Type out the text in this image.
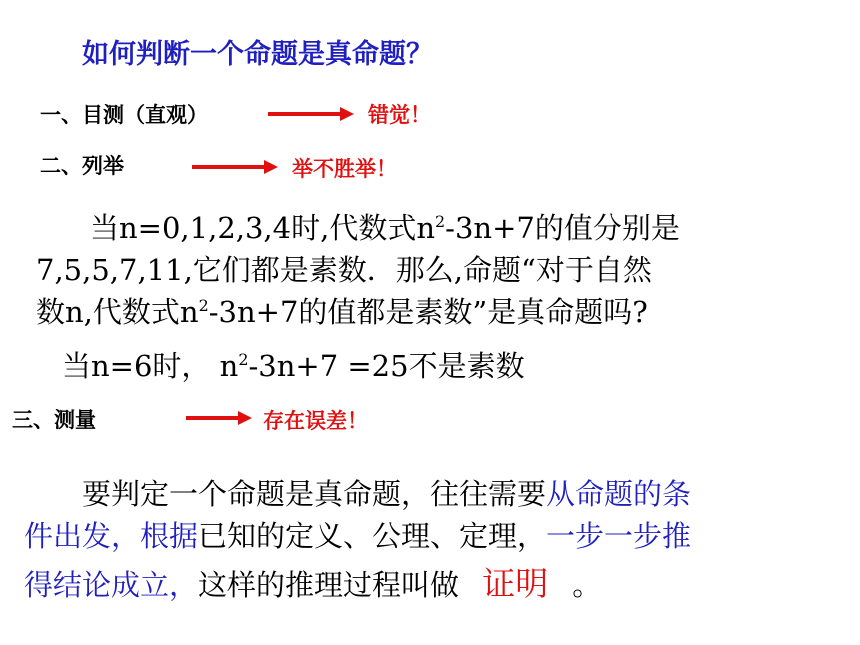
如何判断一个命题是真命题？
一、目测（直观）	错觉！
二、列举	举不胜举！
当n=0,1,2,3,4时,代数式$n^2-3n+7$的值分别是
7,5,5,7,11,它们都是素数．那么,命题“对于自然
数n,代数式$n^2-3n+7$的值都是素数”是真命题吗?
当n=6时， $n^2-3n+7 =25$不是素数
三、测量	存在误差！
要判定一个命题是真命题，往往需要从命题的条
件出发，根据已知的定义、公理、定理，一步一步推
得结论成立，这样的推理过程叫做 证明 。
